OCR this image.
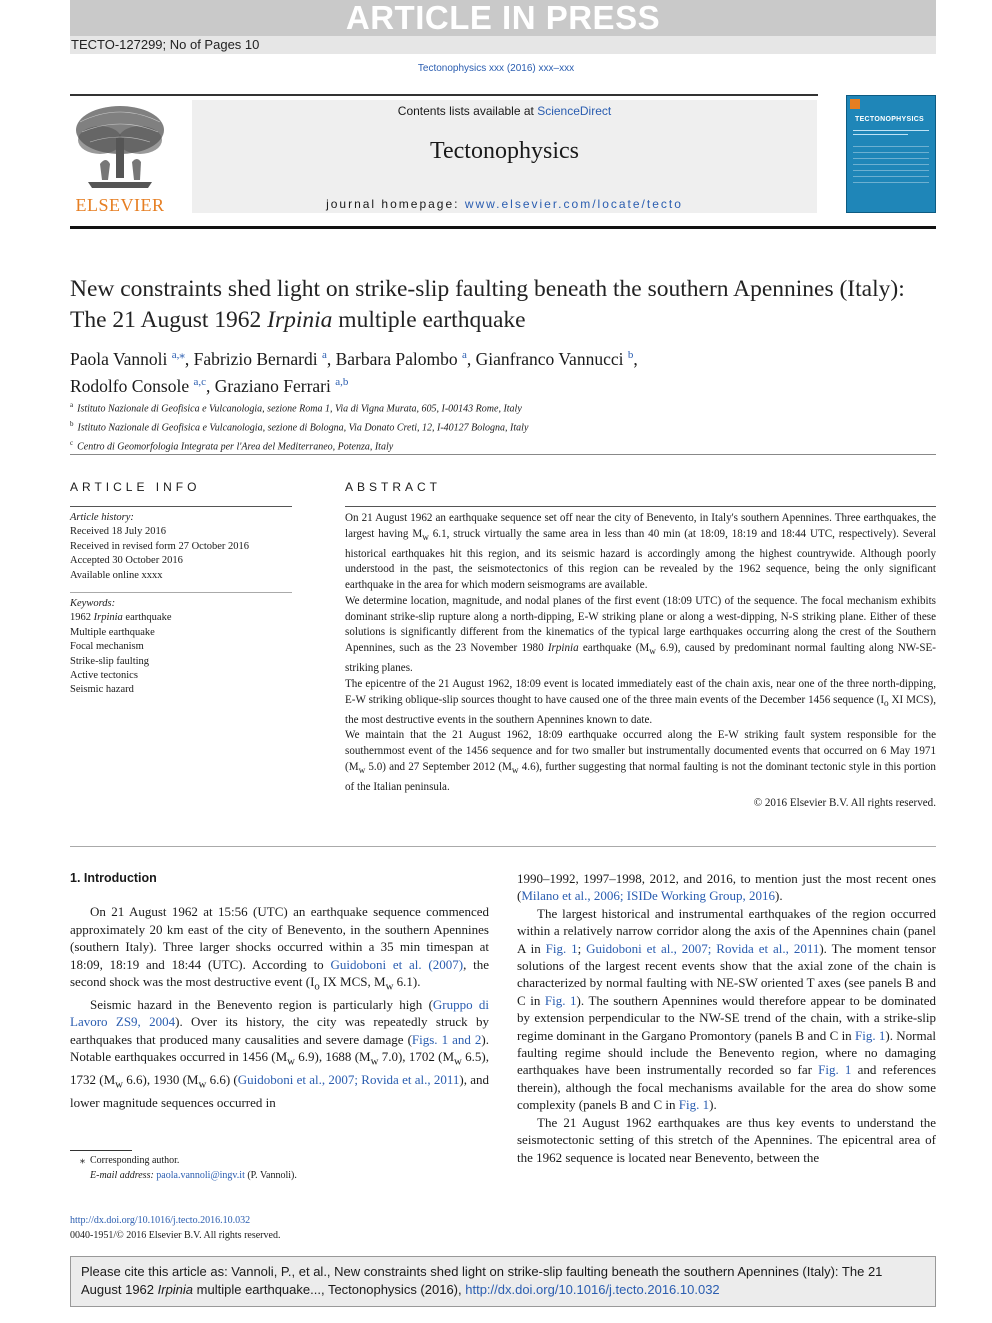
ARTICLE IN PRESS
TECTO-127299; No of Pages 10
Tectonophysics xxx (2016) xxx–xxx
ELSEVIER
Contents lists available at ScienceDirect
Tectonophysics
journal homepage: www.elsevier.com/locate/tecto
TECTONOPHYSICS
New constraints shed light on strike-slip faulting beneath the southern Apennines (Italy): The 21 August 1962 Irpinia multiple earthquake
Paola Vannoli $^{a,⁎}$, Fabrizio Bernardi $^a$, Barbara Palombo $^a$, Gianfranco Vannucci $^b$,
Rodolfo Console $^{a,c}$, Graziano Ferrari $^{a,b}$
$^a$ Istituto Nazionale di Geofisica e Vulcanologia, sezione Roma 1, Via di Vigna Murata, 605, I-00143 Rome, Italy
$^b$ Istituto Nazionale di Geofisica e Vulcanologia, sezione di Bologna, Via Donato Creti, 12, I-40127 Bologna, Italy
$^c$ Centro di Geomorfologia Integrata per l'Area del Mediterraneo, Potenza, Italy
ARTICLE INFO
Article history:
Received 18 July 2016
Received in revised form 27 October 2016
Accepted 30 October 2016
Available online xxxx
Keywords:
1962 Irpinia earthquake
Multiple earthquake
Focal mechanism
Strike-slip faulting
Active tectonics
Seismic hazard
ABSTRACT

On 21 August 1962 an earthquake sequence set off near the city of Benevento, in Italy's southern Apennines. Three earthquakes, the largest having $M_w$ 6.1, struck virtually the same area in less than 40 min (at 18:09, 18:19 and 18:44 UTC, respectively). Several historical earthquakes hit this region, and its seismic hazard is accordingly among the highest countrywide. Although poorly understood in the past, the seismotectonics of this region can be revealed by the 1962 sequence, being the only significant earthquake in the area for which modern seismograms are available.

We determine location, magnitude, and nodal planes of the first event (18:09 UTC) of the sequence. The focal mechanism exhibits dominant strike-slip rupture along a north-dipping, E-W striking plane or along a west-dipping, N-S striking plane. Either of these solutions is significantly different from the kinematics of the typical large earthquakes occurring along the crest of the Southern Apennines, such as the 23 November 1980 Irpinia earthquake ($M_w$ 6.9), caused by predominant normal faulting along NW-SE-striking planes.

The epicentre of the 21 August 1962, 18:09 event is located immediately east of the chain axis, near one of the three north-dipping, E-W striking oblique-slip sources thought to have caused one of the three main events of the December 1456 sequence ($I_o$ XI MCS), the most destructive events in the southern Apennines known to date.

We maintain that the 21 August 1962, 18:09 earthquake occurred along the E-W striking fault system responsible for the southernmost event of the 1456 sequence and for two smaller but instrumentally documented events that occurred on 6 May 1971 ($M_w$ 5.0) and 27 September 2012 ($M_w$ 4.6), further suggesting that normal faulting is not the dominant tectonic style in this portion of the Italian peninsula.

© 2016 Elsevier B.V. All rights reserved.
1. Introduction

On 21 August 1962 at 15:56 (UTC) an earthquake sequence commenced approximately 20 km east of the city of Benevento, in the southern Apennines (southern Italy). Three larger shocks occurred within a 35 min timespan at 18:09, 18:19 and 18:44 (UTC). According to Guidoboni et al. (2007), the second shock was the most destructive event ($I_o$ IX MCS, $M_w$ 6.1).

Seismic hazard in the Benevento region is particularly high (Gruppo di Lavoro ZS9, 2004). Over its history, the city was repeatedly struck by earthquakes that produced many causalities and severe damage (Figs. 1 and 2). Notable earthquakes occurred in 1456 ($M_w$ 6.9), 1688 ($M_w$ 7.0), 1702 ($M_w$ 6.5), 1732 ($M_w$ 6.6), 1930 ($M_w$ 6.6) (Guidoboni et al., 2007; Rovida et al., 2011), and lower magnitude sequences occurred in

1990–1992, 1997–1998, 2012, and 2016, to mention just the most recent ones (Milano et al., 2006; ISIDe Working Group, 2016).

The largest historical and instrumental earthquakes of the region occurred within a relatively narrow corridor along the axis of the Apennines chain (panel A in Fig. 1; Guidoboni et al., 2007; Rovida et al., 2011). The moment tensor solutions of the largest recent events show that the axial zone of the chain is characterized by normal faulting with NE-SW oriented T axes (see panels B and C in Fig. 1). The southern Apennines would therefore appear to be dominated by extension perpendicular to the NW-SE trend of the chain, with a strike-slip regime dominant in the Gargano Promontory (panels B and C in Fig. 1). Normal faulting regime should include the Benevento region, where no damaging earthquakes have been instrumentally recorded so far Fig. 1 and references therein), although the focal mechanisms available for the area do show some complexity (panels B and C in Fig. 1).

The 21 August 1962 earthquakes are thus key events to understand the seismotectonic setting of this stretch of the Apennines. The epicentral area of the 1962 sequence is located near Benevento, between the

⁎  Corresponding author.
E-mail address: paola.vannoli@ingv.it (P. Vannoli).
http://dx.doi.org/10.1016/j.tecto.2016.10.032
0040-1951/© 2016 Elsevier B.V. All rights reserved.
Please cite this article as: Vannoli, P., et al., New constraints shed light on strike-slip faulting beneath the southern Apennines (Italy): The 21 August 1962 Irpinia multiple earthquake..., Tectonophysics (2016), http://dx.doi.org/10.1016/j.tecto.2016.10.032
